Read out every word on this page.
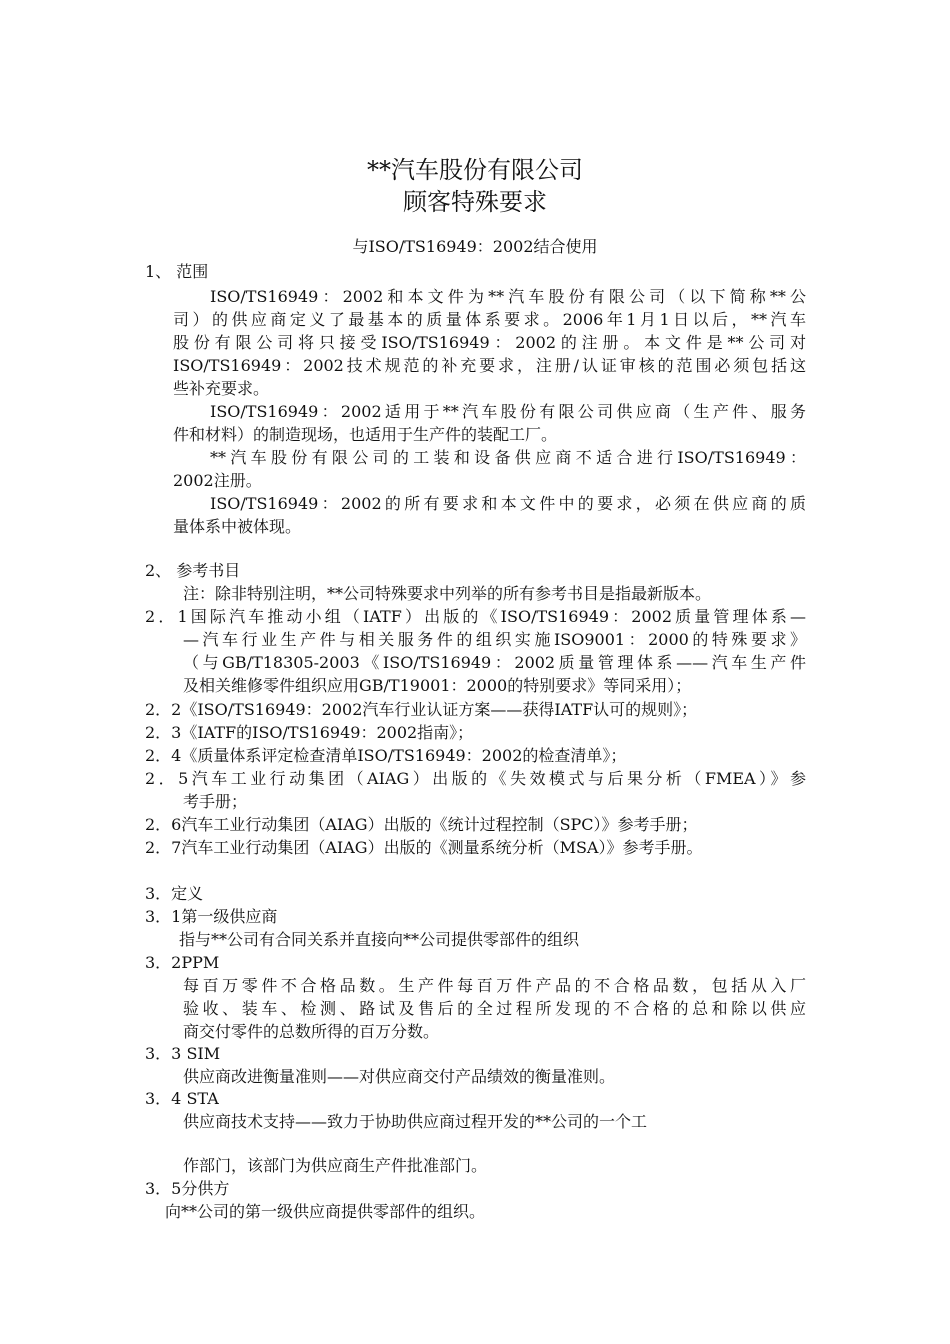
**汽车股份有限公司
顾客特殊要求
与ISO/TS16949：2002结合使用
1、 范围
ISO/TS16949：2002和本文件为**汽车股份有限公司（以下简称**公
司）的供应商定义了最基本的质量体系要求。2006年1月1日以后，**汽车
股份有限公司将只接受ISO/TS16949：2002的注册。本文件是**公司对
ISO/TS16949：2002技术规范的补充要求，注册/认证审核的范围必须包括这
些补充要求。
ISO/TS16949：2002适用于**汽车股份有限公司供应商（生产件、服务
件和材料）的制造现场，也适用于生产件的装配工厂。
**汽车股份有限公司的工装和设备供应商不适合进行ISO/TS16949：
2002注册。
ISO/TS16949：2002的所有要求和本文件中的要求，必须在供应商的质
量体系中被体现。
2、 参考书目
注：除非特别注明，**公司特殊要求中列举的所有参考书目是指最新版本。
2．1国际汽车推动小组（IATF）出版的《ISO/TS16949：2002质量管理体系—
—汽车行业生产件与相关服务件的组织实施ISO9001：2000的特殊要求》
（与GB/T18305-2003《ISO/TS16949：2002质量管理体系——汽车生产件
及相关维修零件组织应用GB/T19001：2000的特别要求》等同采用）；
2．2《ISO/TS16949：2002汽车行业认证方案——获得IATF认可的规则》；
2．3《IATF的ISO/TS16949：2002指南》；
2．4《质量体系评定检查清单ISO/TS16949：2002的检查清单》；
2．5汽车工业行动集团（AIAG）出版的《失效模式与后果分析（FMEA）》参
考手册；
2．6汽车工业行动集团（AIAG）出版的《统计过程控制（SPC）》参考手册；
2．7汽车工业行动集团（AIAG）出版的《测量系统分析（MSA）》参考手册。
3．定义
3．1第一级供应商
指与**公司有合同关系并直接向**公司提供零部件的组织
3．2PPM
每百万零件不合格品数。生产件每百万件产品的不合格品数，包括从入厂
验收、装车、检测、路试及售后的全过程所发现的不合格的总和除以供应
商交付零件的总数所得的百万分数。
3．3 SIM
供应商改进衡量准则——对供应商交付产品绩效的衡量准则。
3．4 STA
供应商技术支持——致力于协助供应商过程开发的**公司的一个工
作部门，该部门为供应商生产件批准部门。
3．5分供方
向**公司的第一级供应商提供零部件的组织。
